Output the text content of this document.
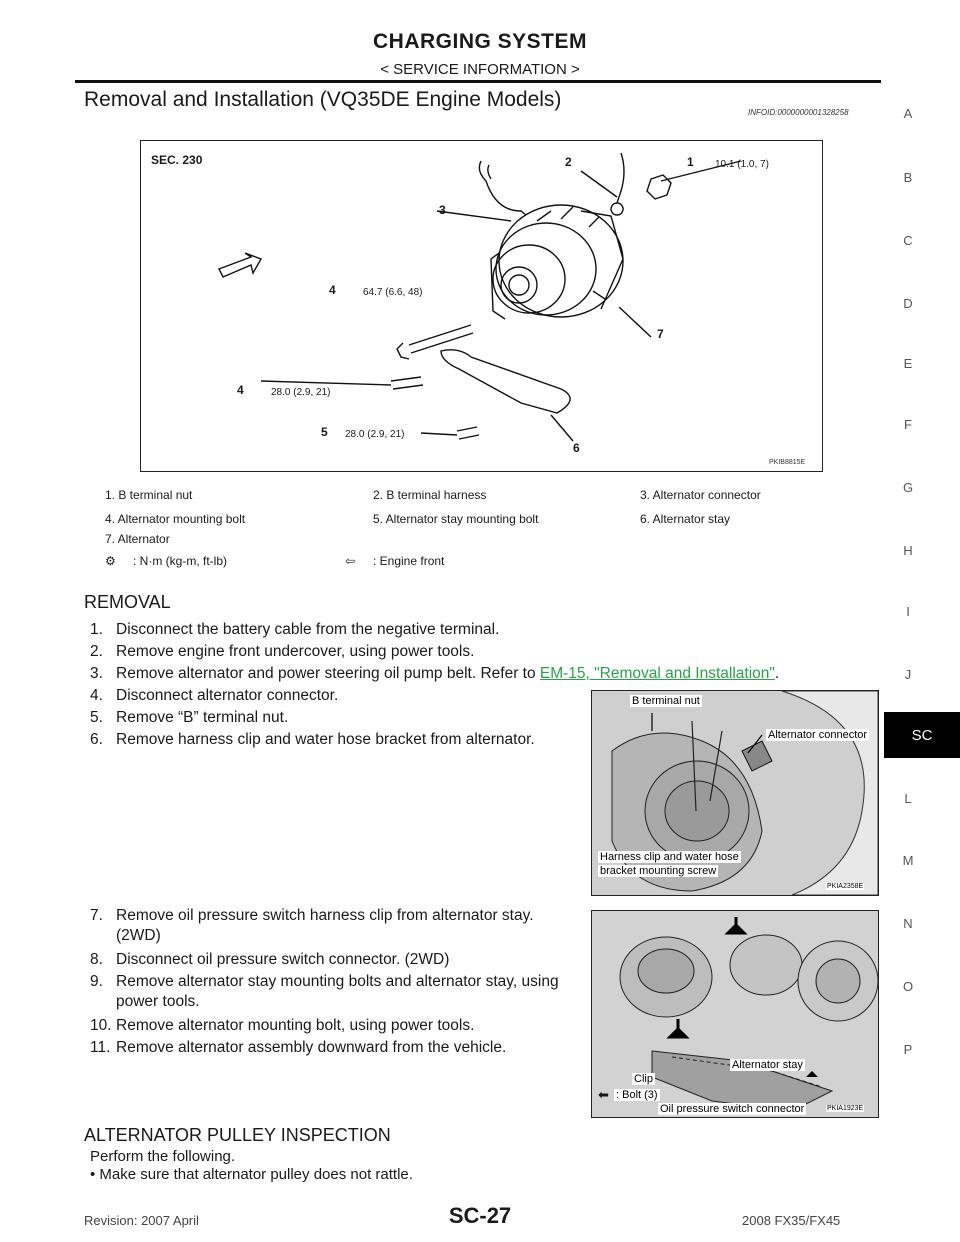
CHARGING SYSTEM
< SERVICE INFORMATION >
Removal and Installation (VQ35DE Engine Models)
INFOID:0000000001328258
SEC. 230	2	1 10.1 (1.0, 7)
3
4	64.7 (6.6, 48)
7
4	28.0 (2.9, 21)
5 28.0 (2.9, 21)
6
PKIB8815E
1. B terminal nut	2. B terminal harness	3. Alternator connector
4. Alternator mounting bolt	5. Alternator stay mounting bolt	6. Alternator stay
7. Alternator
⚙ : N·m (kg-m, ft-lb)	⇦ : Engine front
REMOVAL
1. Disconnect the battery cable from the negative terminal.
2. Remove engine front undercover, using power tools.
3. Remove alternator and power steering oil pump belt. Refer to EM-15, "Removal and Installation".
4. Disconnect alternator connector.
5. Remove “B” terminal nut.
6. Remove harness clip and water hose bracket from alternator.
7. Remove oil pressure switch harness clip from alternator stay.
(2WD)
8. Disconnect oil pressure switch connector. (2WD)
9. Remove alternator stay mounting bolts and alternator stay, using
power tools.
10. Remove alternator mounting bolt, using power tools.
11. Remove alternator assembly downward from the vehicle.
B terminal nut
Alternator connector
Harness clip and water hose
bracket mounting screw
PKIA2358E
Alternator stay
Clip
⬅ : Bolt (3)
Oil pressure switch connector	PKIA1923E
ALTERNATOR PULLEY INSPECTION
Perform the following.
• Make sure that alternator pulley does not rattle.
A
B
C
D
E
F
G
H
I
J
SC
L
M
N
O
P
SC-27
Revision: 2007 April	2008 FX35/FX45
